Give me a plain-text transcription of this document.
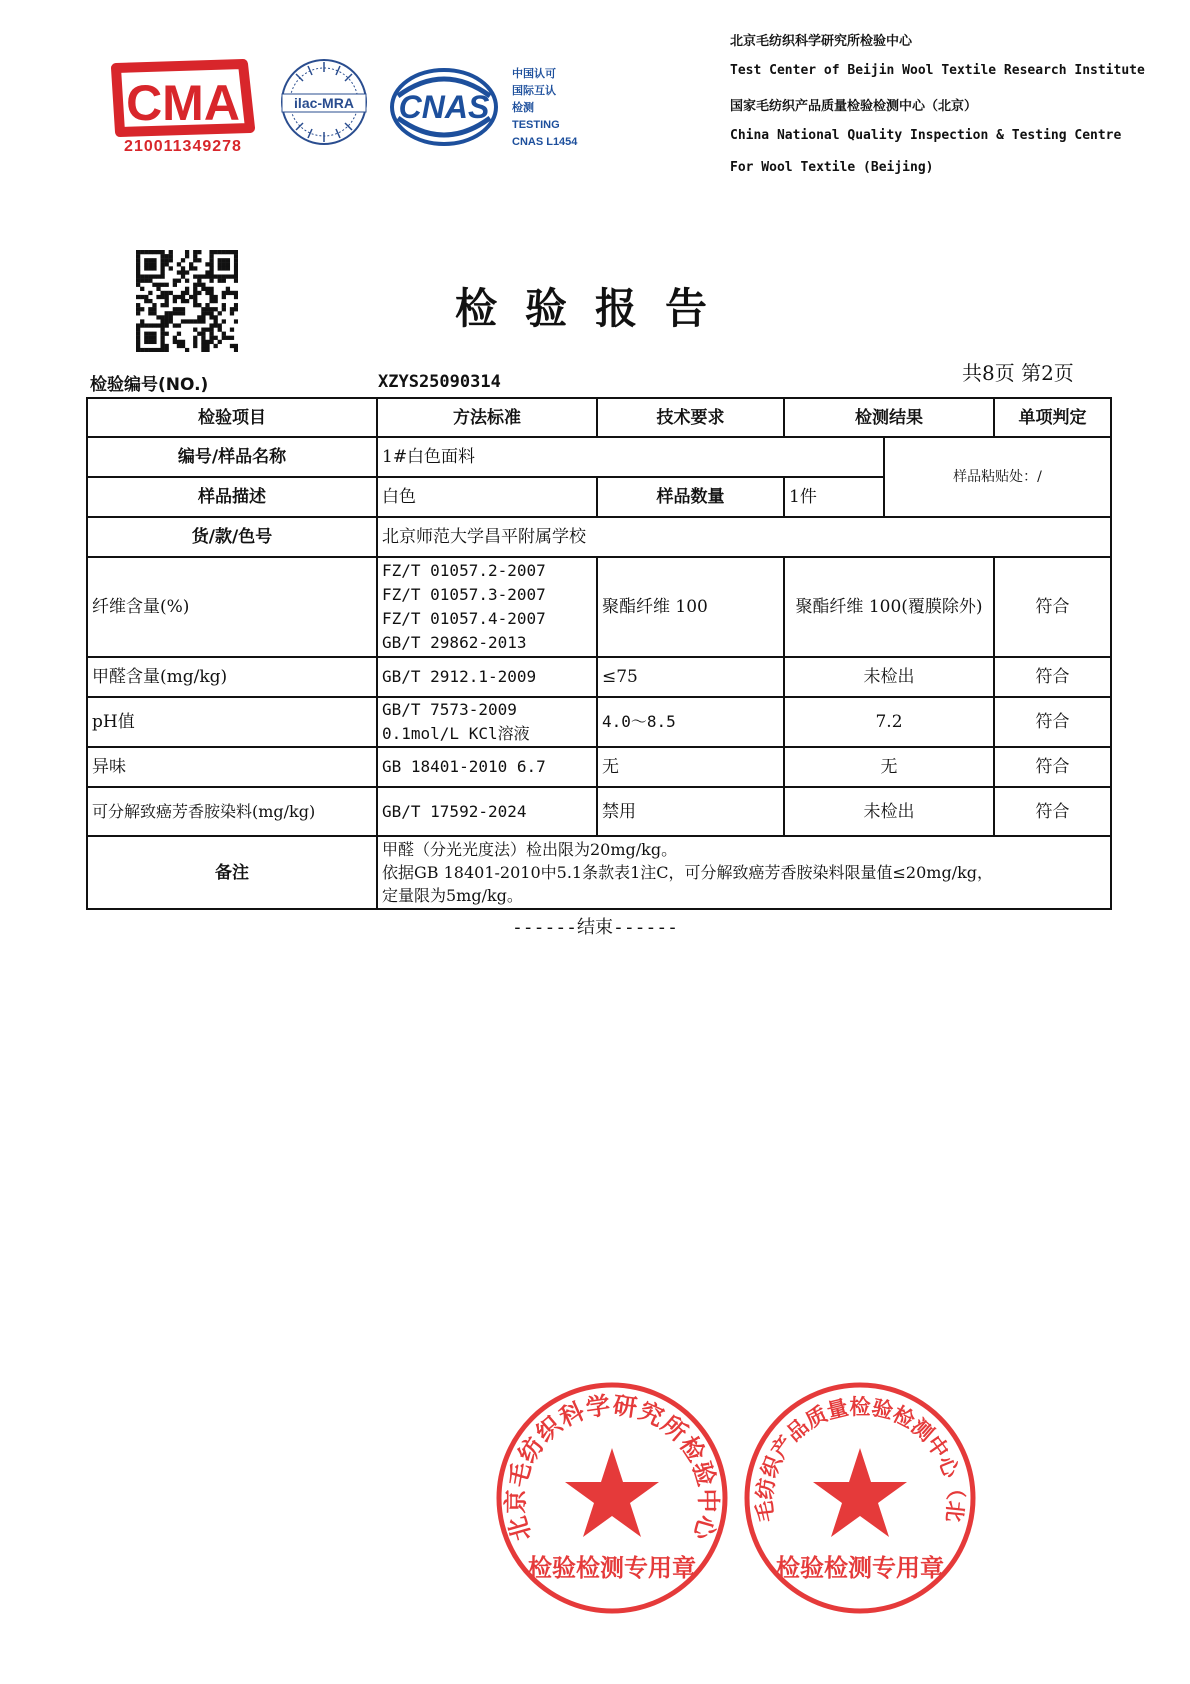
CMA
210011349278
ilac-MRA CNAS
中国认可
国际互认
检测
TESTING
CNAS L1454
北京毛纺织科学研究所检验中心
Test Center of Beijin Wool Textile Research Institute
国家毛纺织产品质量检验检测中心（北京）
China National Quality Inspection & Testing Centre
For Wool Textile (Beijing)
检验报告
检验编号(NO.)	XZYS25090314	共8页 第2页
检验项目	方法标准	技术要求	检测结果		单项判定
编号/样品名称	1#白色面料			样品粘贴处：/	
样品描述	白色	样品数量	1件		
货/款/色号	北京师范大学昌平附属学校				
纤维含量(%)	FZ/T 01057.2-2007
FZ/T 01057.3-2007
FZ/T 01057.4-2007
GB/T 29862-2013	聚酯纤维 100	聚酯纤维 100(覆膜除外)		符合
甲醛含量(mg/kg)	GB/T 2912.1-2009	≤75	未检出		符合
pH值	GB/T 7573-2009
0.1mol/L KCl溶液	4.0～8.5	7.2		符合
异味	GB 18401-2010 6.7	无	无		符合
可分解致癌芳香胺染料(mg/kg)	GB/T 17592-2024	禁用	未检出		符合
备注	甲醛（分光光度法）检出限为20mg/kg。
依据GB 18401-2010中5.1条款表1注C，可分解致癌芳香胺染料限量值≤20mg/kg，
定量限为5mg/kg。				
------结束------
北京毛纺织科学研究所检验中心
检验检测专用章
毛纺织产品质量检验检测中心（北
检验检测专用章
